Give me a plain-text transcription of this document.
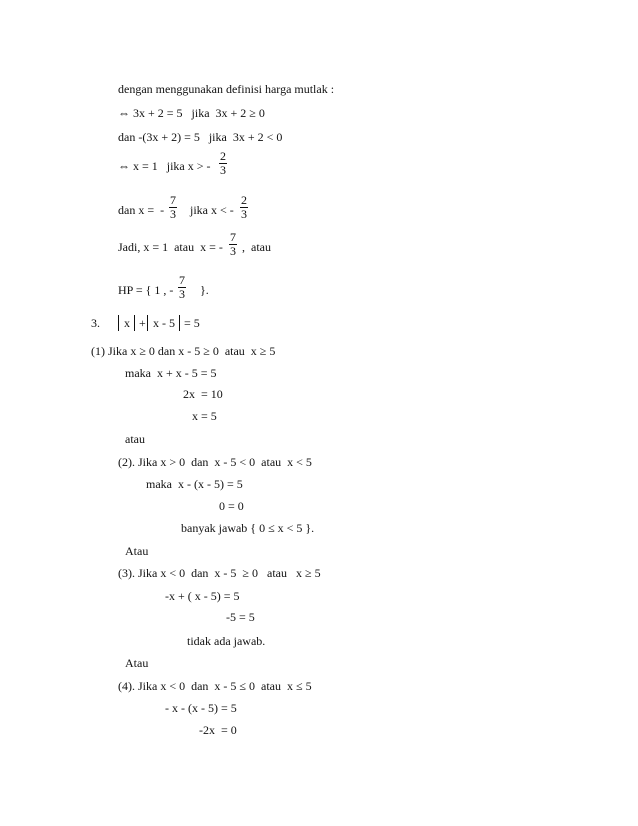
dengan menggunakan definisi harga mutlak :
⇔ 3x + 2 = 5   jika  3x + 2 ≥ 0
dan -(3x + 2) = 5   jika  3x + 2 < 0
⇔ x = 1   jika x > - $\frac{2}{3}$
dan x =  - $\frac{7}{3}$ jika x < - $\frac{2}{3}$
Jadi, x = 1  atau  x = - $\frac{7}{3}$ ,  atau
HP = { 1 , - $\frac{7}{3}$ }.
3. x + x - 5 = 5
(1) Jika x ≥ 0 dan x - 5 ≥ 0  atau  x ≥ 5
maka  x + x - 5 = 5
2x  = 10
x = 5
atau
(2). Jika x > 0  dan  x - 5 < 0  atau  x < 5
maka  x - (x - 5) = 5
0 = 0
banyak jawab { 0 ≤ x < 5 }.
Atau
(3). Jika x < 0  dan  x - 5  ≥ 0   atau   x ≥ 5
-x + ( x - 5) = 5
-5 = 5
tidak ada jawab.
Atau
(4). Jika x < 0  dan  x - 5 ≤ 0  atau  x ≤ 5
- x - (x - 5) = 5
-2x  = 0
